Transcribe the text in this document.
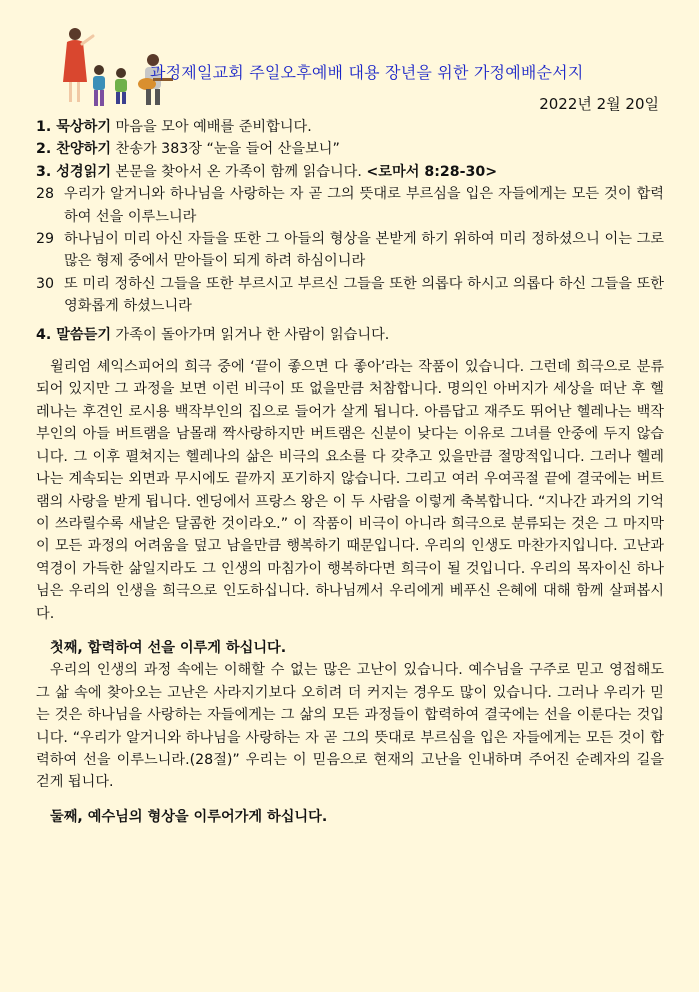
과정제일교회 주일오후예배 대용 장년을 위한 가정예배순서지
2022년 2월 20일

1. 묵상하기 마음을 모아 예배를 준비합니다.

2. 찬양하기 찬송가 383장 “눈을 들어 산을보니”

3. 성경읽기 본문을 찾아서 온 가족이 함께 읽습니다. <로마서 8:28-30>

28 우리가 알거니와 하나님을 사랑하는 자 곧 그의 뜻대로 부르심을 입은 자들에게는 모든 것이 합력하여 선을 이루느니라
29 하나님이 미리 아신 자들을 또한 그 아들의 형상을 본받게 하기 위하여 미리 정하셨으니 이는 그로 많은 형제 중에서 맏아들이 되게 하려 하심이니라
30 또 미리 정하신 그들을 또한 부르시고 부르신 그들을 또한 의롭다 하시고 의롭다 하신 그들을 또한 영화롭게 하셨느니라

4. 말씀듣기 가족이 돌아가며 읽거나 한 사람이 읽습니다.

윌리엄 셰익스피어의 희극 중에 ‘끝이 좋으면 다 좋아’라는 작품이 있습니다. 그런데 희극으로 분류되어 있지만 그 과정을 보면 이런 비극이 또 없을만큼 처참합니다. 명의인 아버지가 세상을 떠난 후 헬레나는 후견인 로시용 백작부인의 집으로 들어가 살게 됩니다. 아름답고 재주도 뛰어난 헬레나는 백작부인의 아들 버트램을 남몰래 짝사랑하지만 버트램은 신분이 낮다는 이유로 그녀를 안중에 두지 않습니다. 그 이후 펼쳐지는 헬레나의 삶은 비극의 요소를 다 갖추고 있을만큼 절망적입니다. 그러나 헬레나는 계속되는 외면과 무시에도 끝까지 포기하지 않습니다. 그리고 여러 우여곡절 끝에 결국에는 버트램의 사랑을 받게 됩니다. 엔딩에서 프랑스 왕은 이 두 사람을 이렇게 축복합니다. “지나간 과거의 기억이 쓰라릴수록 새날은 달콤한 것이라오.” 이 작품이 비극이 아니라 희극으로 분류되는 것은 그 마지막이 모든 과정의 어려움을 덮고 남을만큼 행복하기 때문입니다. 우리의 인생도 마찬가지입니다. 고난과 역경이 가득한 삶일지라도 그 인생의 마침가이 행복하다면 희극이 될 것입니다. 우리의 목자이신 하나님은 우리의 인생을 희극으로 인도하십니다. 하나님께서 우리에게 베푸신 은혜에 대해 함께 살펴봅시다.

첫째, 합력하여 선을 이루게 하십니다.

우리의 인생의 과정 속에는 이해할 수 없는 많은 고난이 있습니다. 예수님을 구주로 믿고 영접해도 그 삶 속에 찾아오는 고난은 사라지기보다 오히려 더 커지는 경우도 많이 있습니다. 그러나 우리가 믿는 것은 하나님을 사랑하는 자들에게는 그 삶의 모든 과정들이 합력하여 결국에는 선을 이룬다는 것입니다. “우리가 알거니와 하나님을 사랑하는 자 곧 그의 뜻대로 부르심을 입은 자들에게는 모든 것이 합력하여 선을 이루느니라.(28절)” 우리는 이 믿음으로 현재의 고난을 인내하며 주어진 순례자의 길을 걷게 됩니다.

둘째, 예수님의 형상을 이루어가게 하십니다.
